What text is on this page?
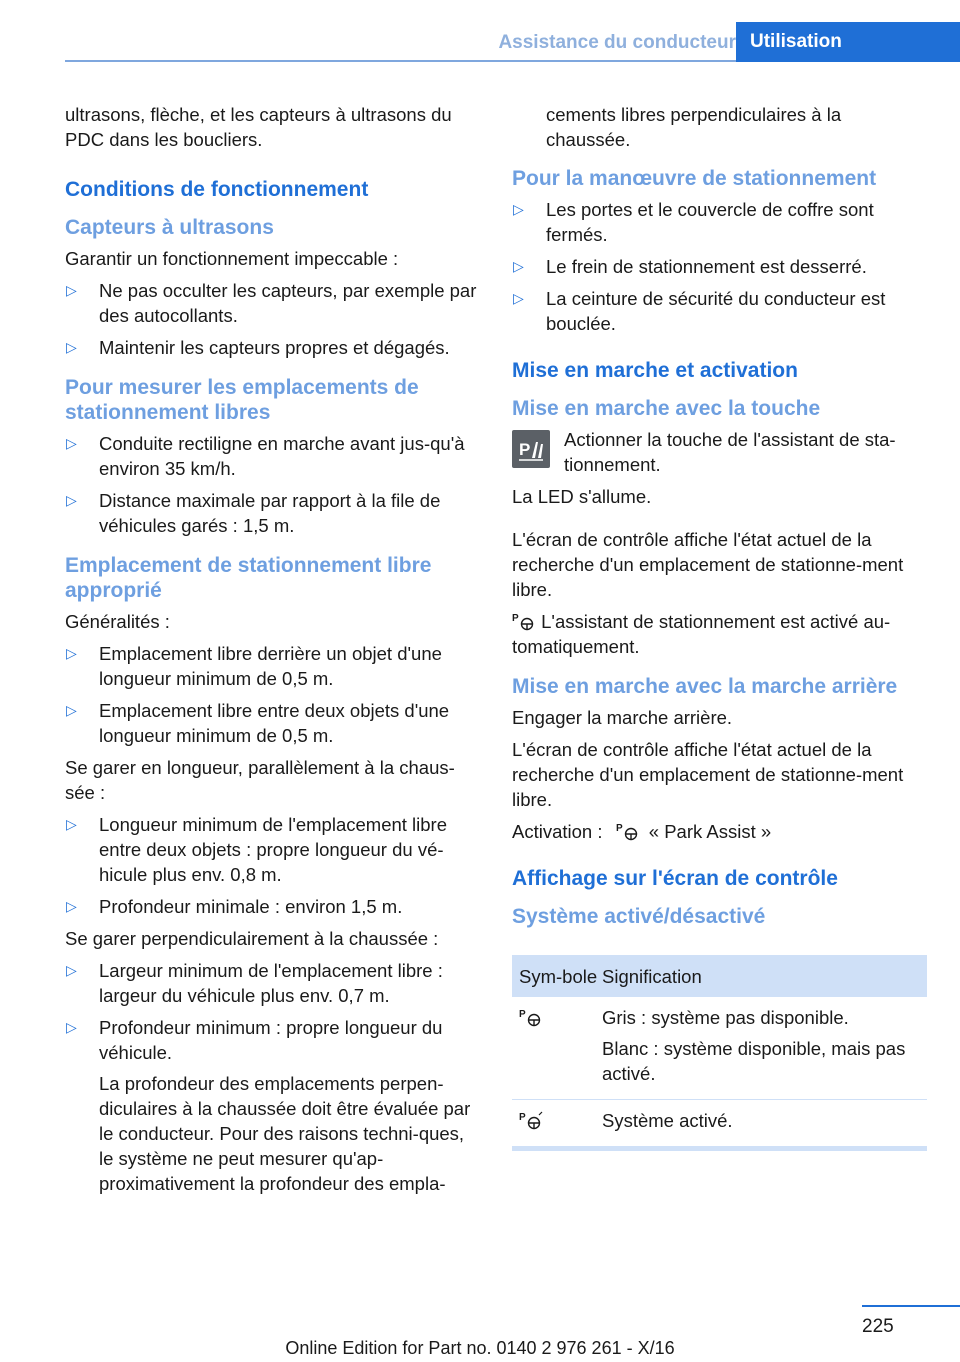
Assistance du conducteur Utilisation
ultrasons, flèche, et les capteurs à ultrasons du PDC dans les boucliers.
Conditions de fonctionnement
Capteurs à ultrasons
Garantir un fonctionnement impeccable :
▷ Ne pas occulter les capteurs, par exemple par des autocollants.
▷ Maintenir les capteurs propres et dégagés.
Pour mesurer les emplacements de stationnement libres
▷ Conduite rectiligne en marche avant jus-qu'à environ 35 km/h.
▷ Distance maximale par rapport à la file de véhicules garés : 1,5 m.
Emplacement de stationnement libre approprié
Généralités :
▷ Emplacement libre derrière un objet d'une longueur minimum de 0,5 m.
▷ Emplacement libre entre deux objets d'une longueur minimum de 0,5 m.
Se garer en longueur, parallèlement à la chaus-sée :
▷ Longueur minimum de l'emplacement libre entre deux objets : propre longueur du vé-hicule plus env. 0,8 m.
▷ Profondeur minimale : environ 1,5 m.
Se garer perpendiculairement à la chaussée :
▷ Largeur minimum de l'emplacement libre : largeur du véhicule plus env. 0,7 m.
▷ Profondeur minimum : propre longueur du véhicule.
La profondeur des emplacements perpen-diculaires à la chaussée doit être évaluée par le conducteur. Pour des raisons techni-ques, le système ne peut mesurer qu'ap-proximativement la profondeur des empla-
cements libres perpendiculaires à la chaussée.
Pour la manœuvre de stationnement
▷ Les portes et le couvercle de coffre sont fermés.
▷ Le frein de stationnement est desserré.
▷ La ceinture de sécurité du conducteur est bouclée.
Mise en marche et activation
Mise en marche avec la touche
P Actionner la touche de l'assistant de sta-tionnement.
La LED s'allume.
L'écran de contrôle affiche l'état actuel de la recherche d'un emplacement de stationne-ment libre.
P L'assistant de stationnement est activé au-tomatiquement.
Mise en marche avec la marche arrière
Engager la marche arrière.
L'écran de contrôle affiche l'état actuel de la recherche d'un emplacement de stationne-ment libre.
Activation : P « Park Assist »
Affichage sur l'écran de contrôle
Système activé/désactivé
Sym-bole Signification
P	Gris : système pas disponible.
Blanc : système disponible, mais pas activé.
P	Système activé.
225
Online Edition for Part no. 0140 2 976 261 - X/16
